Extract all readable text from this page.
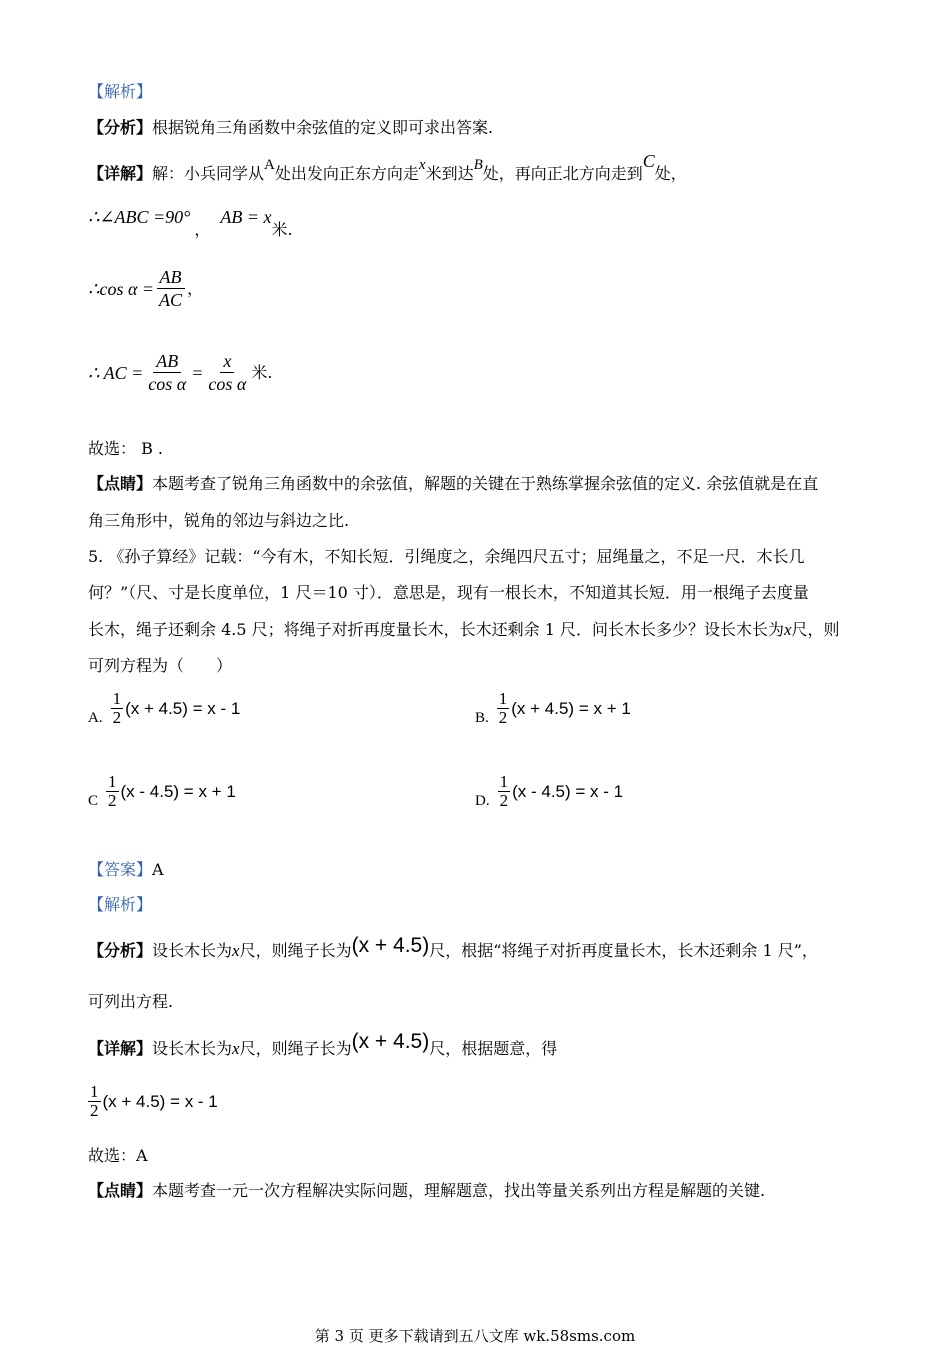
【解析】
【分析】根据锐角三角函数中余弦值的定义即可求出答案.
【详解】解：小兵同学从A处出发向正东方向走x米到达B处，再向正北方向走到C处，
∴∠ABC =90°，AB = x米.
∴cos $\alpha = \frac{AB}{AC}$ ，
∴ AC = $\frac{AB}{\text{cos α}} = \frac{x}{\text{cos α}}$ 米.
故选： B .
【点睛】本题考查了锐角三角函数中的余弦值，解题的关键在于熟练掌握余弦值的定义. 余弦值就是在直
角三角形中，锐角的邻边与斜边之比.
5. 《孙子算经》记载：“今有木，不知长短．引绳度之，余绳四尺五寸；屈绳量之，不足一尺．木长几
何？”（尺、寸是长度单位，1 尺＝10 寸）．意思是，现有一根长木，不知道其长短．用一根绳子去度量
长木，绳子还剩余 4.5 尺；将绳子对折再度量长木，长木还剩余 1 尺．问长木长多少？设长木长为x尺，则
可列方程为（　　）
A. $\frac{1}{2} (x + 4.5) = x - 1$
B. $\frac{1}{2} (x + 4.5) = x + 1$
C $\frac{1}{2} (x - 4.5) = x + 1$
D. $\frac{1}{2} (x - 4.5) = x - 1$
【答案】A
【解析】
【分析】设长木长为x尺，则绳子长为(x + 4.5)尺，根据“将绳子对折再度量长木，长木还剩余 1 尺”，
可列出方程.
【详解】设长木长为x尺，则绳子长为(x + 4.5)尺，根据题意，得
$\frac{1}{2} (x + 4.5) = x - 1$
故选：A
【点睛】本题考查一元一次方程解决实际问题，理解题意，找出等量关系列出方程是解题的关键.
第 3 页 更多下载请到五八文库 wk.58sms.com
